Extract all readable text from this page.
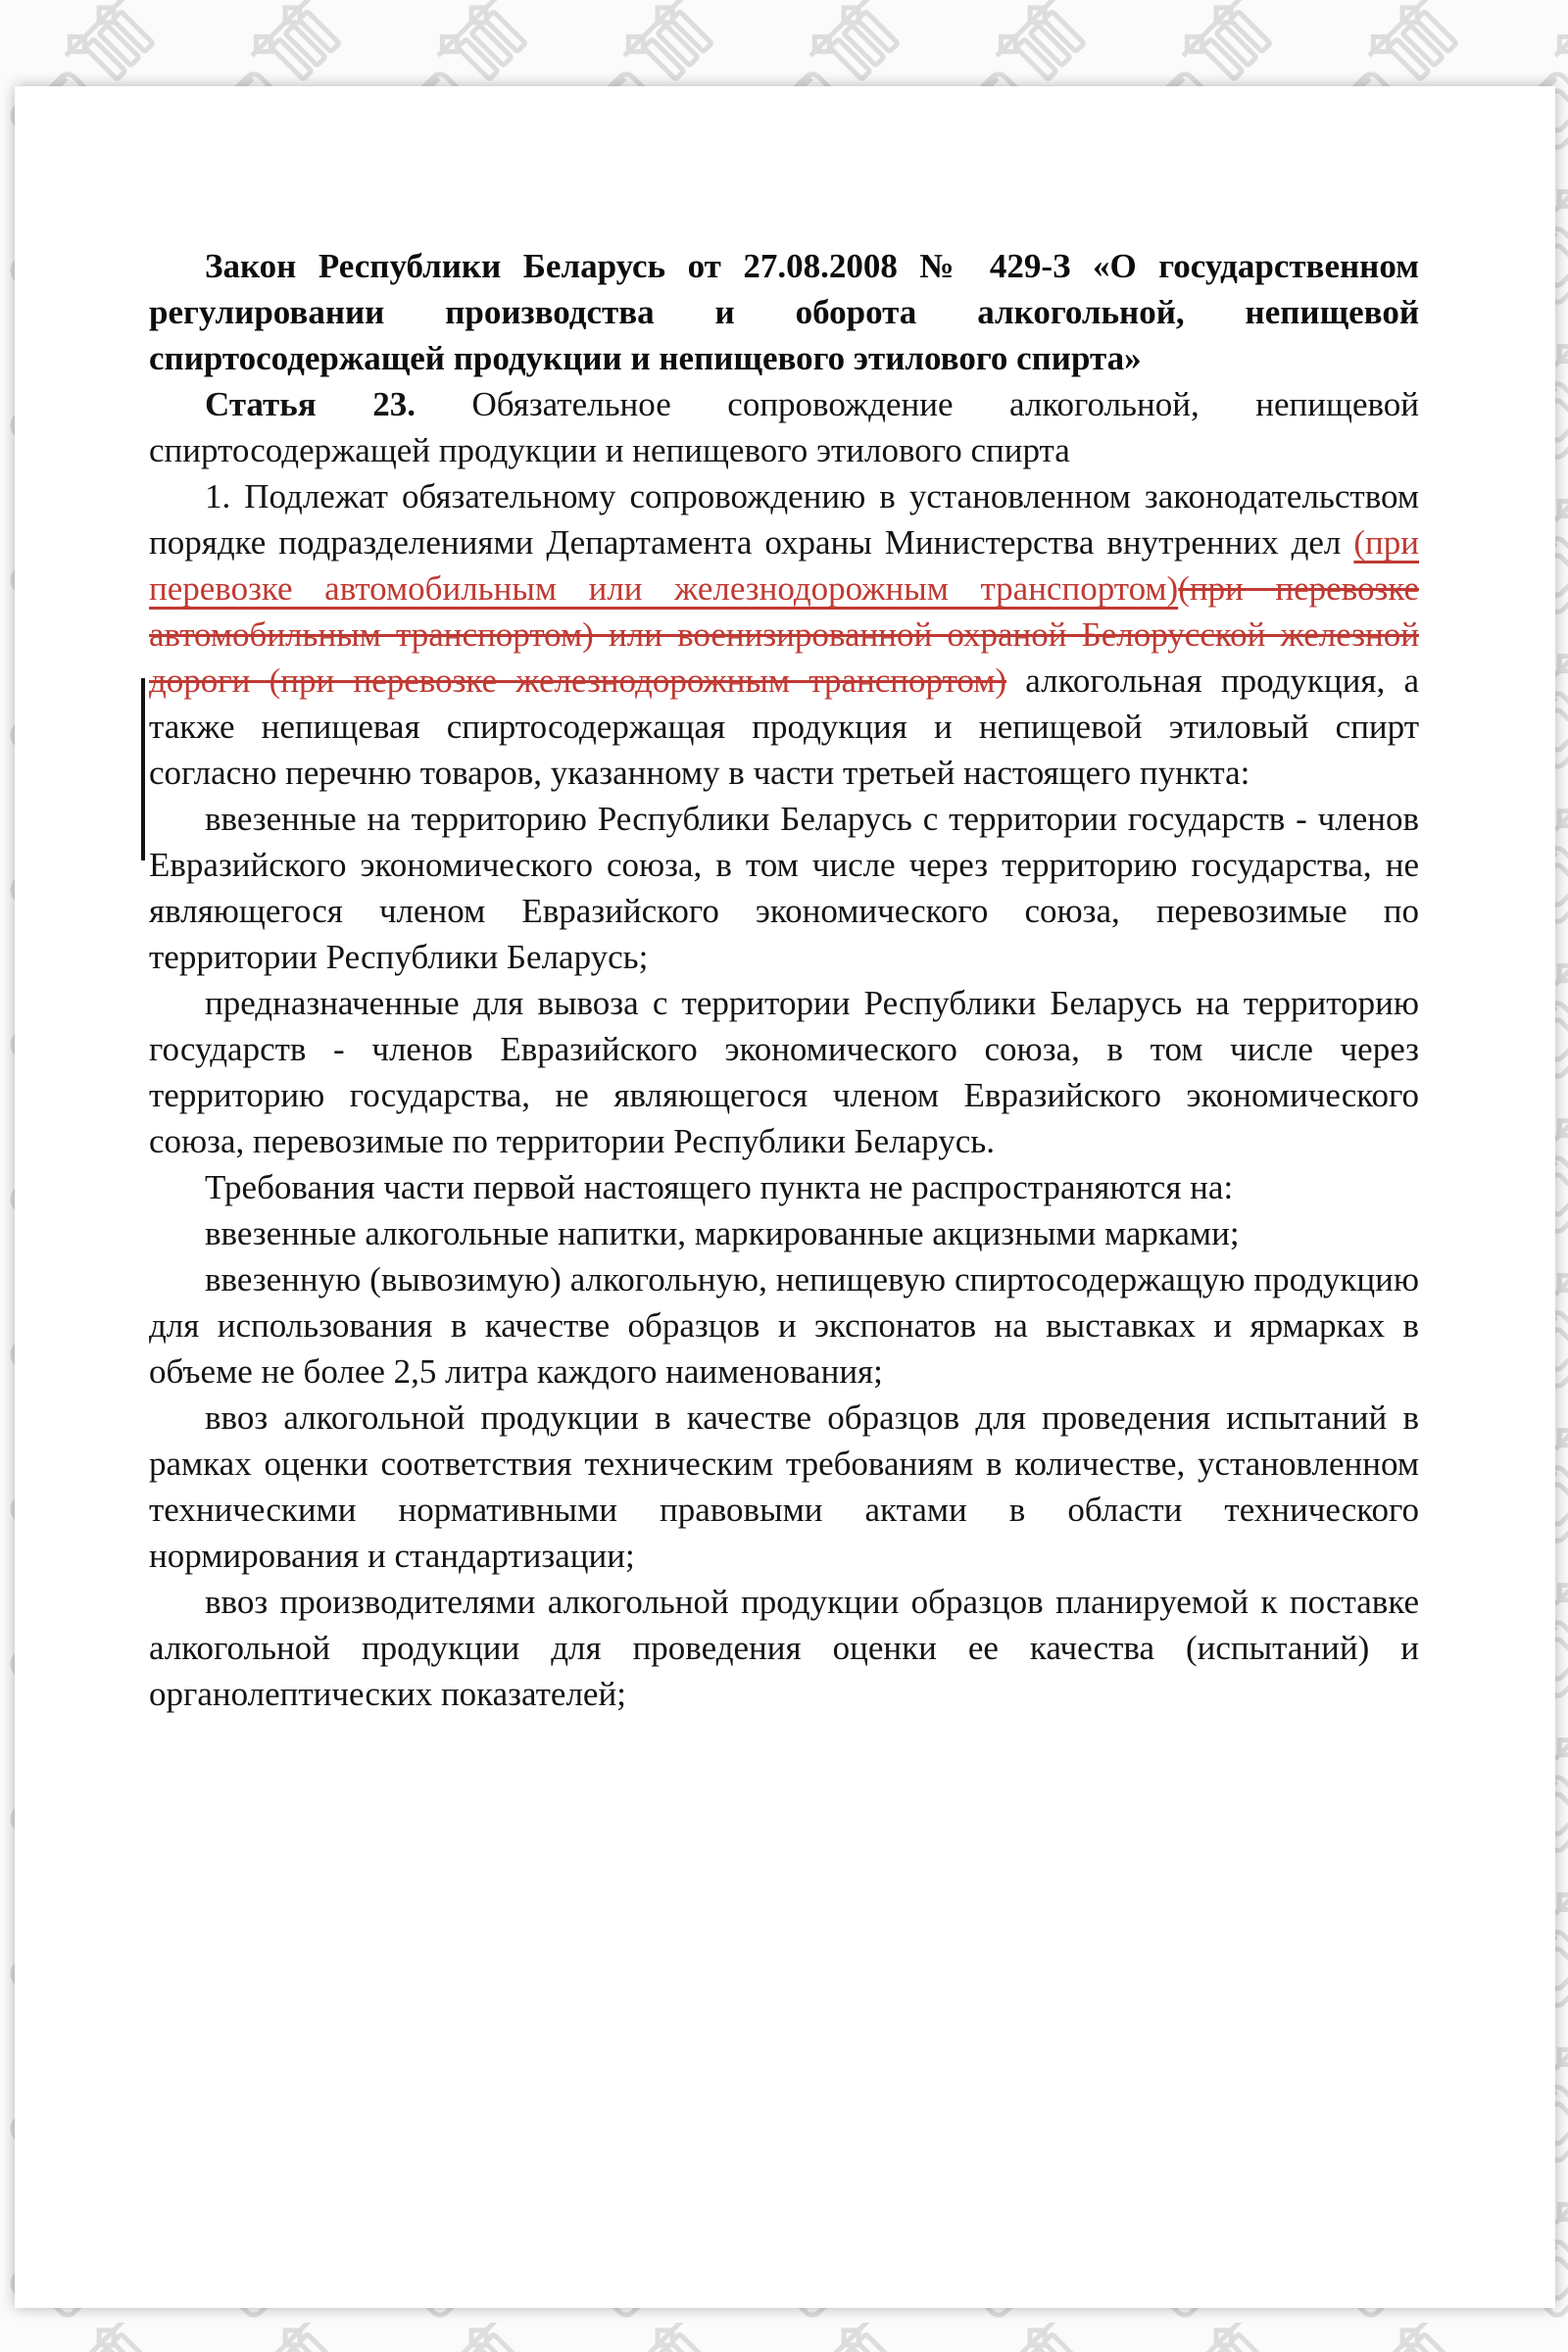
Закон Республики Беларусь от 27.08.2008 № 429-З «О государственном регулировании производства и оборота алкогольной, непищевой спиртосодержащей продукции и непищевого этилового спирта»

Статья 23. Обязательное сопровождение алкогольной, непищевой спиртосодержащей продукции и непищевого этилового спирта

1. Подлежат обязательному сопровождению в установленном законодательством порядке подразделениями Департамента охраны Министерства внутренних дел (при перевозке автомобильным или железнодорожным транспортом)(при перевозке автомобильным транспортом) или военизированной охраной Белорусской железной дороги (при перевозке железнодорожным транспортом) алкогольная продукция, а также непищевая спиртосодержащая продукция и непищевой этиловый спирт согласно перечню товаров, указанному в части третьей настоящего пункта:

ввезенные на территорию Республики Беларусь с территории государств - членов Евразийского экономического союза, в том числе через территорию государства, не являющегося членом Евразийского экономического союза, перевозимые по территории Республики Беларусь;

предназначенные для вывоза с территории Республики Беларусь на территорию государств - членов Евразийского экономического союза, в том числе через территорию государства, не являющегося членом Евразийского экономического союза, перевозимые по территории Республики Беларусь.

Требования части первой настоящего пункта не распространяются на:

ввезенные алкогольные напитки, маркированные акцизными марками;

ввезенную (вывозимую) алкогольную, непищевую спиртосодержащую продукцию для использования в качестве образцов и экспонатов на выставках и ярмарках в объеме не более 2,5 литра каждого наименования;

ввоз алкогольной продукции в качестве образцов для проведения испытаний в рамках оценки соответствия техническим требованиям в количестве, установленном техническими нормативными правовыми актами в области технического нормирования и стандартизации;

ввоз производителями алкогольной продукции образцов планируемой к поставке алкогольной продукции для проведения оценки ее качества (испытаний) и органолептических показателей;
